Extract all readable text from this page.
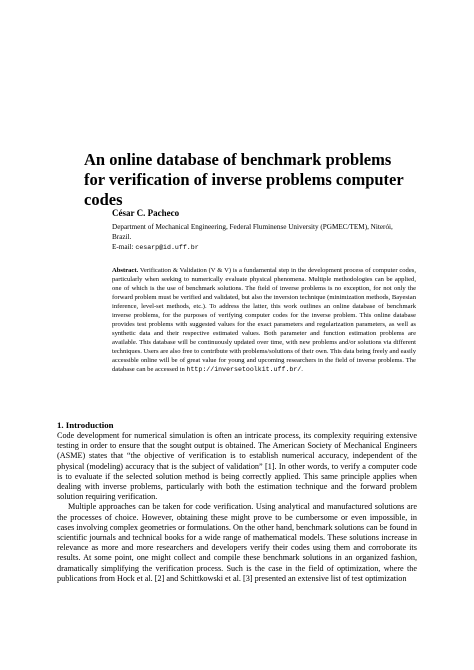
An online database of benchmark problems for verification of inverse problems computer codes
César C. Pacheco
Department of Mechanical Engineering, Federal Fluminense University (PGMEC/TEM), Niterói, Brazil.
E-mail: cesarp@id.uff.br
Abstract. Verification & Validation (V & V) is a fundamental step in the development process of computer codes, particularly when seeking to numerically evaluate physical phenomena. Multiple methodologies can be applied, one of which is the use of benchmark solutions. The field of inverse problems is no exception, for not only the forward problem must be verified and validated, but also the inversion technique (minimization methods, Bayesian inference, level-set methods, etc.). To address the latter, this work outlines an online database of benchmark inverse problems, for the purposes of verifying computer codes for the inverse problem. This online database provides test problems with suggested values for the exact parameters and regularization parameters, as well as synthetic data and their respective estimated values. Both parameter and function estimation problems are available. This database will be continuously updated over time, with new problems and/or solutions via different techniques. Users are also free to contribute with problems/solutions of their own. This data being freely and easily accessible online will be of great value for young and upcoming researchers in the field of inverse problems. The database can be accessed in http://inversetoolkit.uff.br/.
1. Introduction

Code development for numerical simulation is often an intricate process, its complexity requiring extensive testing in order to ensure that the sought output is obtained. The American Society of Mechanical Engineers (ASME) states that “the objective of verification is to establish numerical accuracy, independent of the physical (modeling) accuracy that is the subject of validation” [1]. In other words, to verify a computer code is to evaluate if the selected solution method is being correctly applied. This same principle applies when dealing with inverse problems, particularly with both the estimation technique and the forward problem solution requiring verification.

Multiple approaches can be taken for code verification. Using analytical and manufactured solutions are the processes of choice. However, obtaining these might prove to be cumbersome or even impossible, in cases involving complex geometries or formulations. On the other hand, benchmark solutions can be found in scientific journals and technical books for a wide range of mathematical models. These solutions increase in relevance as more and more researchers and developers verify their codes using them and corroborate its results. At some point, one might collect and compile these benchmark solutions in an organized fashion, dramatically simplifying the verification process. Such is the case in the field of optimization, where the publications from Hock et al. [2] and Schittkowski et al. [3] presented an extensive list of test optimization
